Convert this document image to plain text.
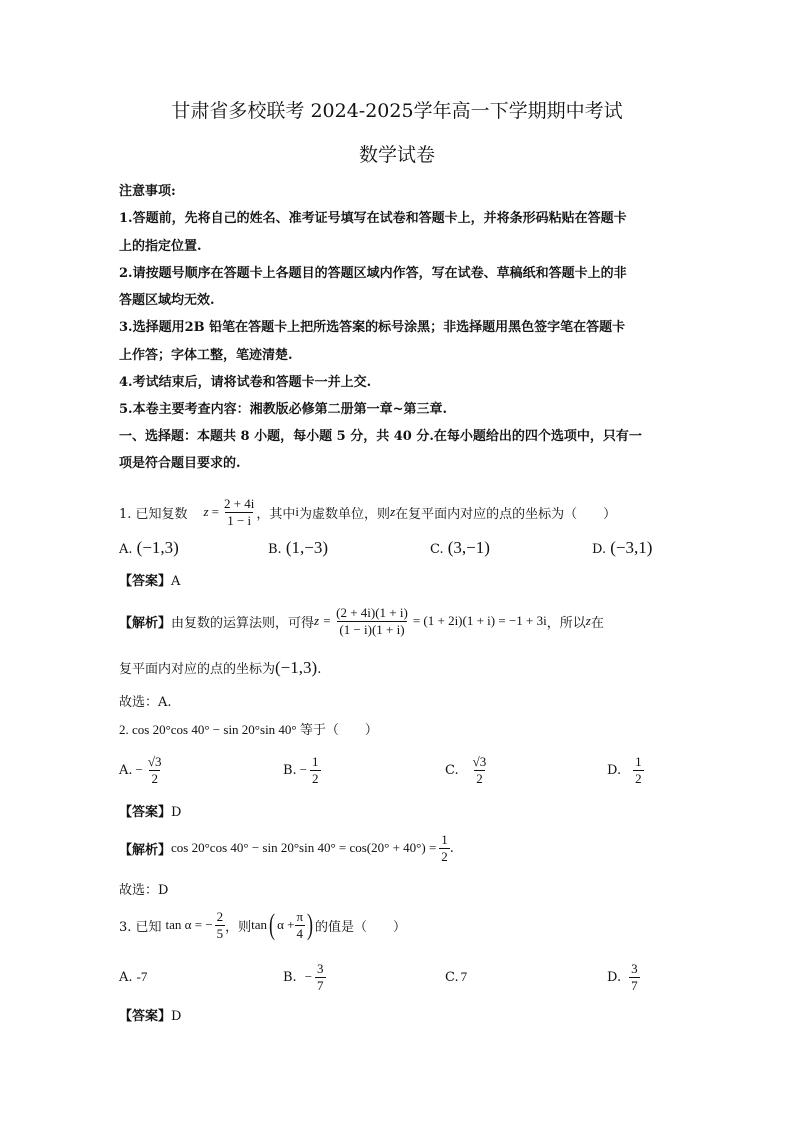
甘肃省多校联考 2024-2025学年高一下学期期中考试
数学试卷
注意事项:
1.答题前，先将自己的姓名、准考证号填写在试卷和答题卡上，并将条形码粘贴在答题卡
上的指定位置.
2.请按题号顺序在答题卡上各题目的答题区域内作答，写在试卷、草稿纸和答题卡上的非
答题区域均无效.
3.选择题用2B 铅笔在答题卡上把所选答案的标号涂黑；非选择题用黑色签字笔在答题卡
上作答；字体工整，笔迹清楚.
4.考试结束后，请将试卷和答题卡一并上交.
5.本卷主要考查内容：湘教版必修第二册第一章~第三章.
一、选择题：本题共 8 小题，每小题 5 分，共 40 分.在每小题给出的四个选项中，只有一
项是符合题目要求的.
1. 已知复数 $z = \frac{2 + 4i}{1 - i}$ ，其中 i 为虚数单位，则 z 在复平面内对应的点的坐标为（　　）
A. (−1,3)	B. (1,−3)	C. (3,−1)	D. (−3,1)
【答案】A
【解析】 由复数的运算法则，可得 $z = \frac{(2 + 4i)(1 + i)}{(1 - i)(1 + i)} = (1 + 2i)(1 + i) = -1 + 3i$ ，所以 z 在
复平面内对应的点的坐标为(−1,3).
故选：A.
2. cos 20°cos 40° − sin 20°sin 40° 等于（　　）
A. − $\frac{√3}{2}$	B. − $\frac{1}{2}$	C. $\frac{√3}{2}$	D. $\frac{1}{2}$
【答案】D
【解析】 cos 20°cos 40° − sin 20°sin $40^\circ = \cos(20^\circ + 40^\circ) = \frac{1}{2}$ .
故选：D
3. 已知 tan α = − $\frac{2}{5}$ ，则 tan ( $\alpha + \frac{\pi}{4}$ ) 的值是（　　）
A. -7	B. − $\frac{3}{7}$	C. 7	D. $\frac{3}{7}$
【答案】D
